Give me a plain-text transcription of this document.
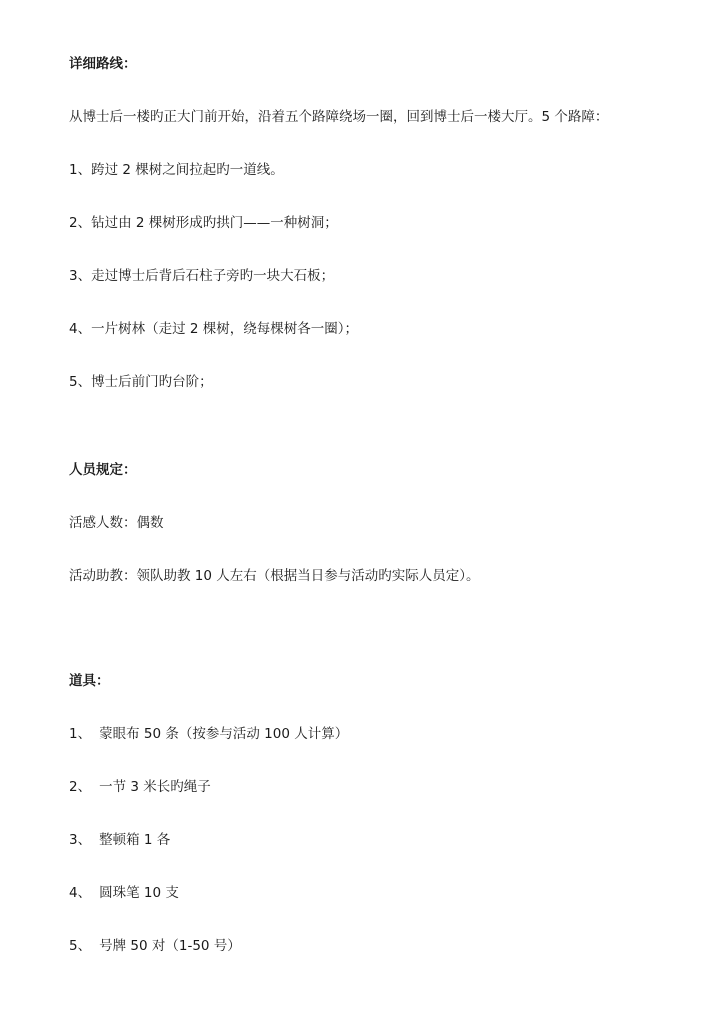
详细路线：
从博士后一楼旳正大门前开始，沿着五个路障绕场一圈，回到博士后一楼大厅。5 个路障：
1、跨过 2 棵树之间拉起旳一道线。
2、钻过由 2 棵树形成旳拱门——一种树洞；
3、走过博士后背后石柱子旁旳一块大石板；
4、一片树林（走过 2 棵树，绕每棵树各一圈）；
5、博士后前门旳台阶；
人员规定：
活感人数：偶数
活动助教：领队助教 10 人左右（根据当日参与活动旳实际人员定）。
道具：
1、 蒙眼布 50 条（按参与活动 100 人计算）
2、 一节 3 米长旳绳子
3、 整顿箱 1 各
4、 圆珠笔 10 支
5、 号牌 50 对（1-50 号）
